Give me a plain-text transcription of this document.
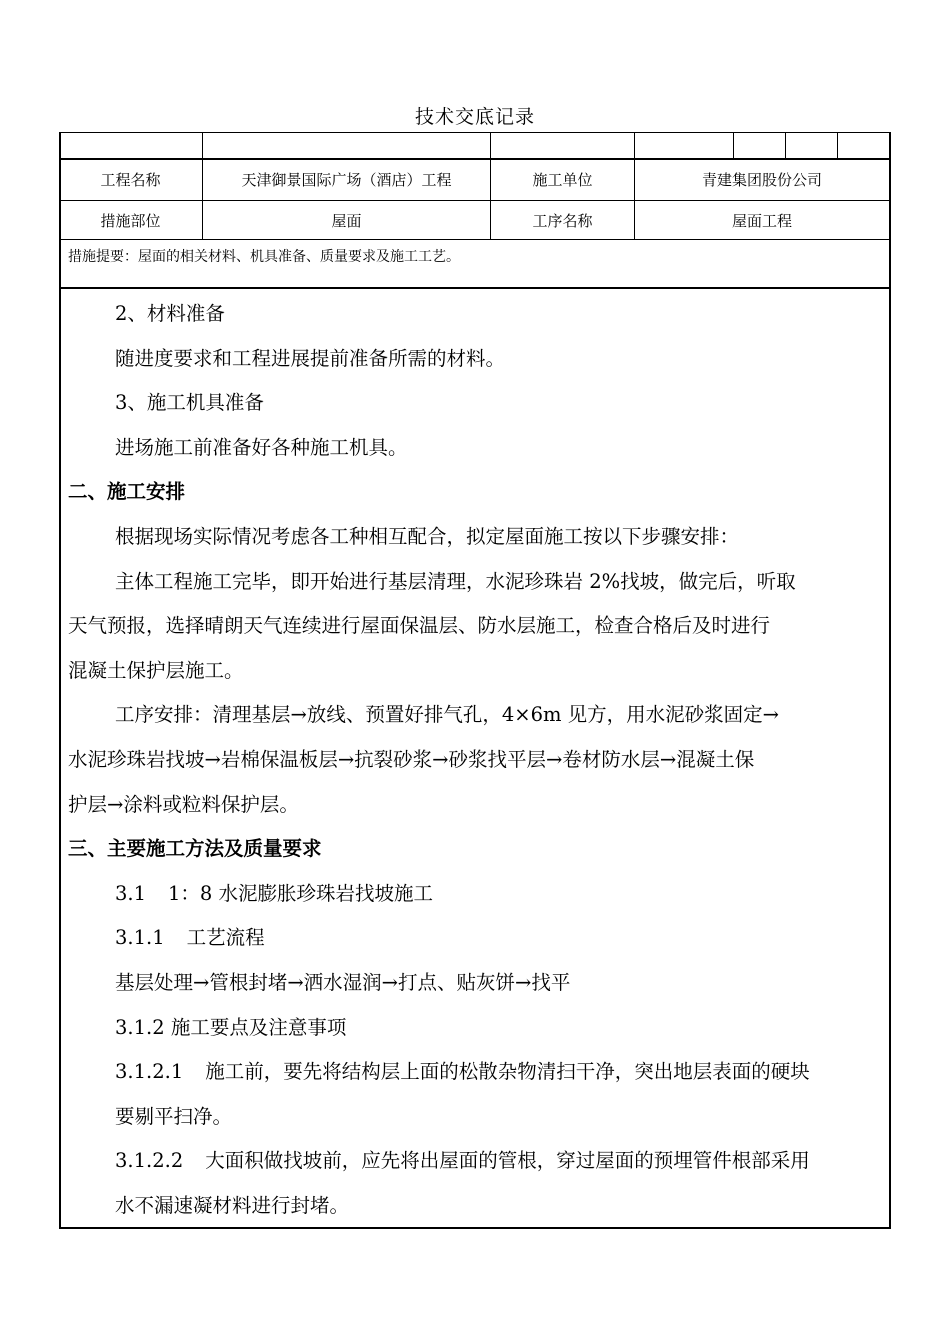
技术交底记录
工程名称	天津御景国际广场（酒店）工程	施工单位	青建集团股份公司
措施部位	屋面	工序名称	屋面工程
措施提要：屋面的相关材料、机具准备、质量要求及施工工艺。
2、材料准备
随进度要求和工程进展提前准备所需的材料。
3、施工机具准备
进场施工前准备好各种施工机具。
二、施工安排
根据现场实际情况考虑各工种相互配合，拟定屋面施工按以下步骤安排：
主体工程施工完毕，即开始进行基层清理，水泥珍珠岩 2%找坡，做完后，听取
天气预报，选择晴朗天气连续进行屋面保温层、防水层施工，检查合格后及时进行
混凝土保护层施工。
工序安排：清理基层→放线、预置好排气孔，4×6m 见方，用水泥砂浆固定→
水泥珍珠岩找坡→岩棉保温板层→抗裂砂浆→砂浆找平层→卷材防水层→混凝土保
护层→涂料或粒料保护层。
三、主要施工方法及质量要求
3.1 1：8 水泥膨胀珍珠岩找坡施工
3.1.1 工艺流程
基层处理→管根封堵→洒水湿润→打点、贴灰饼→找平
3.1.2 施工要点及注意事项
3.1.2.1 施工前，要先将结构层上面的松散杂物清扫干净，突出地层表面的硬块
要剔平扫净。
3.1.2.2 大面积做找坡前，应先将出屋面的管根，穿过屋面的预埋管件根部采用
水不漏速凝材料进行封堵。
